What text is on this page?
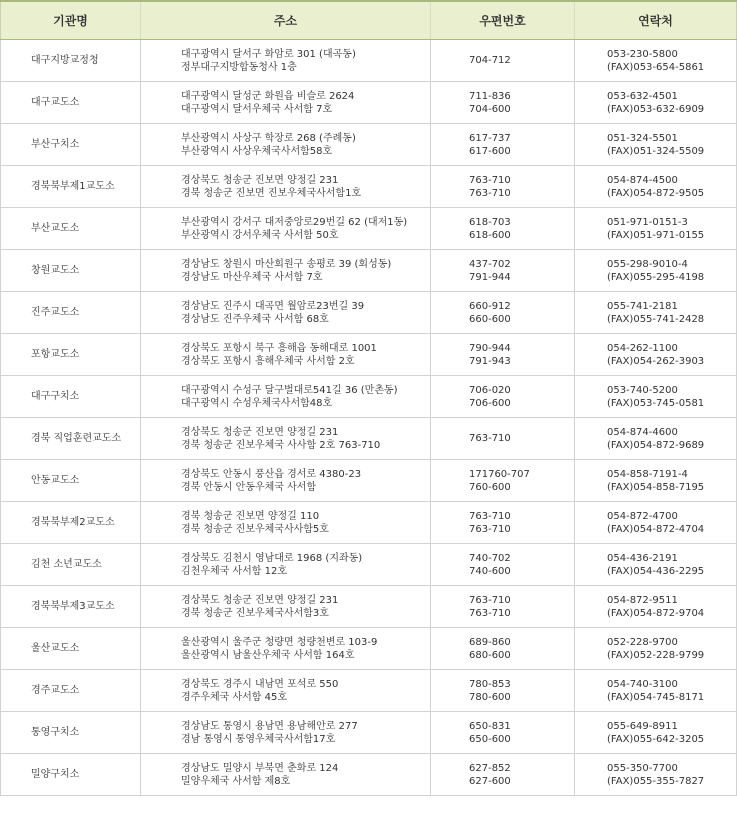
기관명	주소	우편번호	연락처
대구지방교정청	대구광역시 달서구 화암로 301 (대곡동)
정부대구지방합동청사 1층	704-712	053-230-5800
(FAX)053-654-5861

대구교도소	대구광역시 달성군 화원읍 비슬로 2624
대구광역시 달서우체국 사서함 7호	711-836
704-600	053-632-4501
(FAX)053-632-6909

부산구치소	부산광역시 사상구 학장로 268 (주례동)
부산광역시 사상우체국사서함58호	617-737
617-600	051-324-5501
(FAX)051-324-5509

경북북부제1교도소	경상북도 청송군 진보면 양정길 231
경북 청송군 진보면 진보우체국사서함1호	763-710
763-710	054-874-4500
(FAX)054-872-9505

부산교도소	부산광역시 강서구 대저중앙로29번길 62 (대저1동)
부산광역시 강서우체국 사서함 50호	618-703
618-600	051-971-0151-3
(FAX)051-971-0155

창원교도소	경상남도 창원시 마산회원구 송평로 39 (회성동)
경상남도 마산우체국 사서함 7호	437-702
791-944	055-298-9010-4
(FAX)055-295-4198

진주교도소	경상남도 진주시 대곡면 월암로23번길 39
경상남도 진주우체국 사서함 68호	660-912
660-600	055-741-2181
(FAX)055-741-2428

포항교도소	경상북도 포항시 북구 흥해읍 동해대로 1001
경상북도 포항시 흥해우체국 사서함 2호	790-944
791-943	054-262-1100
(FAX)054-262-3903

대구구치소	대구광역시 수성구 달구벌대로541길 36 (만촌동)
대구광역시 수성우체국사서함48호	706-020
706-600	053-740-5200
(FAX)053-745-0581

경북 직업훈련교도소	경상북도 청송군 진보면 양정길 231
경북 청송군 진보우체국 사사함 2호 763-710	763-710	054-874-4600
(FAX)054-872-9689

안동교도소	경상북도 안동시 풍산읍 경서로 4380-23
경북 안동시 안동우체국 사서함	171760-707
760-600	054-858-7191-4
(FAX)054-858-7195

경북북부제2교도소	경북 청송군 진보면 양정길 110
경북 청송군 진보우체국사사함5호	763-710
763-710	054-872-4700
(FAX)054-872-4704

김천 소년교도소	경상북도 김천시 영남대로 1968 (지좌동)
김천우체국 사서함 12호	740-702
740-600	054-436-2191
(FAX)054-436-2295

경북북부제3교도소	경상북도 청송군 진보면 양정길 231
경북 청송군 진보우체국사서함3호	763-710
763-710	054-872-9511
(FAX)054-872-9704

울산교도소	울산광역시 울주군 청량면 청량천변로 103-9
울산광역시 남울산우체국 사서함 164호	689-860
680-600	052-228-9700
(FAX)052-228-9799

경주교도소	경상북도 경주시 내남면 포석로 550
경주우체국 사서함 45호	780-853
780-600	054-740-3100
(FAX)054-745-8171

통영구치소	경상남도 통영시 용남면 용남해안로 277
경남 통영시 통영우체국사서함17호	650-831
650-600	055-649-8911
(FAX)055-642-3205

밀양구치소	경상남도 밀양시 부북면 춘화로 124
밀양우체국 사서함 제8호	627-852
627-600	055-350-7700
(FAX)055-355-7827
